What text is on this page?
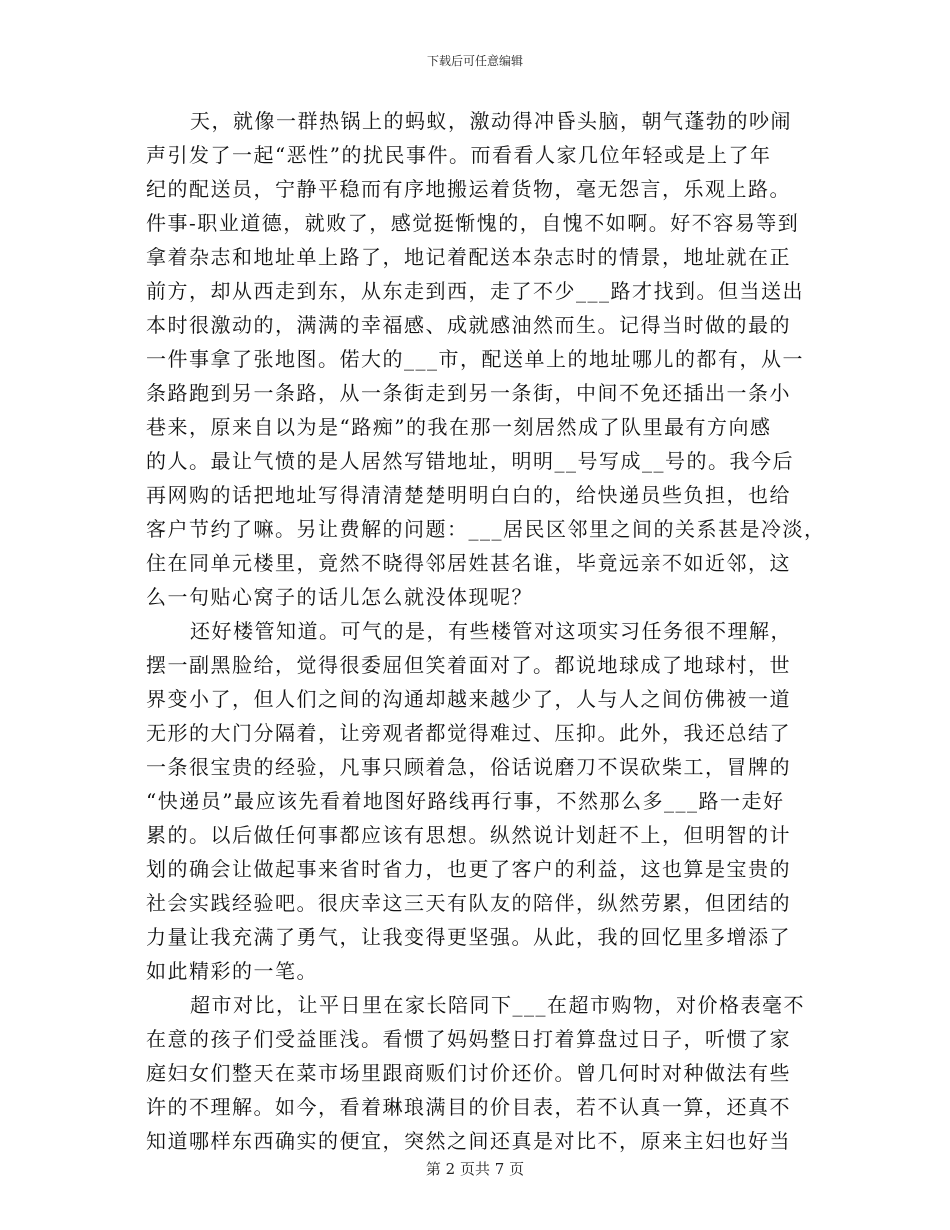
下载后可任意编辑

天，就像一群热锅上的蚂蚁，激动得冲昏头脑，朝气蓬勃的吵闹
声引发了一起“恶性”的扰民事件。而看看人家几位年轻或是上了年
纪的配送员，宁静平稳而有序地搬运着货物，毫无怨言，乐观上路。
件事-职业道德，就败了，感觉挺惭愧的，自愧不如啊。好不容易等到
拿着杂志和地址单上路了，地记着配送本杂志时的情景，地址就在正
前方，却从西走到东，从东走到西，走了不少___路才找到。但当送出
本时很激动的，满满的幸福感、成就感油然而生。记得当时做的最的
一件事拿了张地图。偌大的___市，配送单上的地址哪儿的都有，从一
条路跑到另一条路，从一条街走到另一条街，中间不免还插出一条小
巷来，原来自以为是“路痴”的我在那一刻居然成了队里最有方向感
的人。最让气愤的是人居然写错地址，明明__号写成__号的。我今后
再网购的话把地址写得清清楚楚明明白白的，给快递员些负担，也给
客户节约了嘛。另让费解的问题：___居民区邻里之间的关系甚是冷淡，
住在同单元楼里，竟然不晓得邻居姓甚名谁，毕竟远亲不如近邻，这
么一句贴心窝子的话儿怎么就没体现呢？

还好楼管知道。可气的是，有些楼管对这项实习任务很不理解，
摆一副黑脸给，觉得很委屈但笑着面对了。都说地球成了地球村，世
界变小了，但人们之间的沟通却越来越少了，人与人之间仿佛被一道
无形的大门分隔着，让旁观者都觉得难过、压抑。此外，我还总结了
一条很宝贵的经验，凡事只顾着急，俗话说磨刀不误砍柴工，冒牌的
“快递员”最应该先看着地图好路线再行事，不然那么多___路一走好
累的。以后做任何事都应该有思想。纵然说计划赶不上，但明智的计
划的确会让做起事来省时省力，也更了客户的利益，这也算是宝贵的
社会实践经验吧。很庆幸这三天有队友的陪伴，纵然劳累，但团结的
力量让我充满了勇气，让我变得更坚强。从此，我的回忆里多增添了
如此精彩的一笔。

超市对比，让平日里在家长陪同下___在超市购物，对价格表毫不
在意的孩子们受益匪浅。看惯了妈妈整日打着算盘过日子，听惯了家
庭妇女们整天在菜市场里跟商贩们讨价还价。曾几何时对种做法有些
许的不理解。如今，看着琳琅满目的价目表，若不认真一算，还真不
知道哪样东西确实的便宜，突然之间还真是对比不，原来主妇也好当

第 2 页共 7 页
